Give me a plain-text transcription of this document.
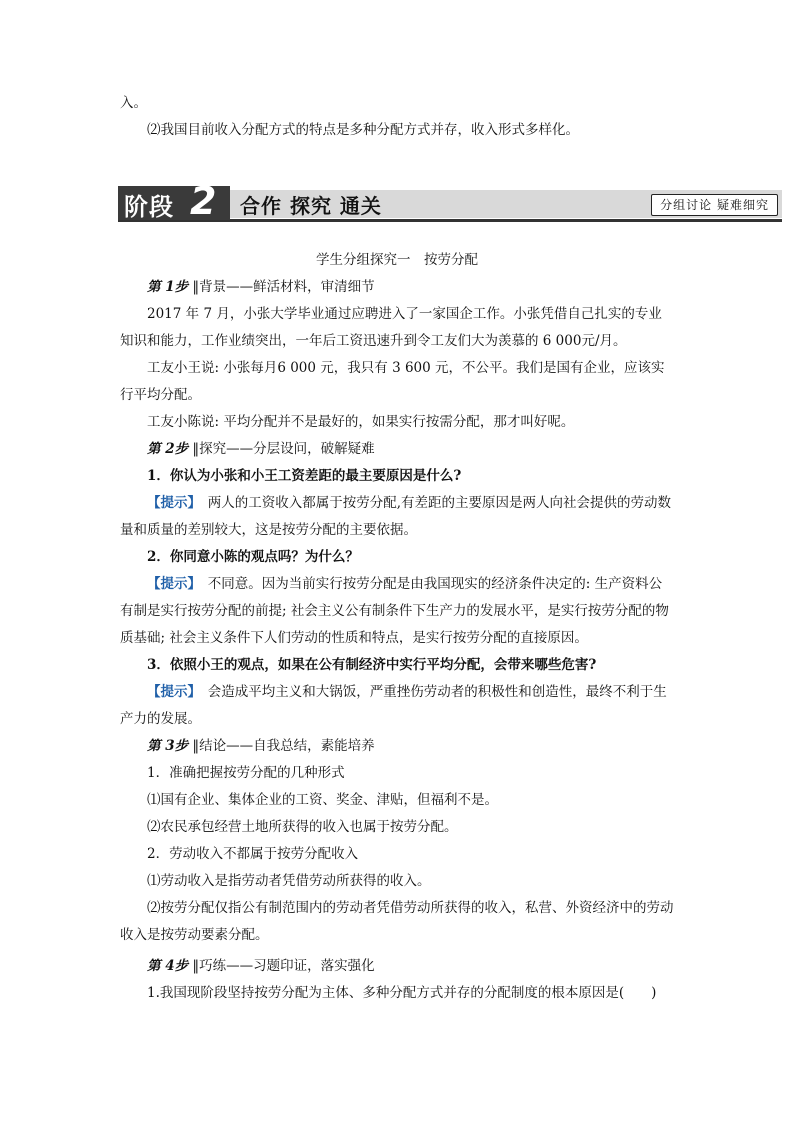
入。

⑵我国目前收入分配方式的特点是多种分配方式并存，收入形式多样化。

阶段 2 合作 探究 通关	分组讨论 疑难细究
学生分组探究一　按劳分配

第 1步 ‖背景——鲜活材料，审清细节

2017 年 7 月，小张大学毕业通过应聘进入了一家国企工作。小张凭借自己扎实的专业知识和能力，工作业绩突出，一年后工资迅速升到令工友们大为羡慕的 6 000元/月。

工友小王说: 小张每月6 000 元，我只有 3 600 元，不公平。我们是国有企业，应该实行平均分配。

工友小陈说: 平均分配并不是最好的，如果实行按需分配，那才叫好呢。

第 2步 ‖探究——分层设问，破解疑难

1．你认为小张和小王工资差距的最主要原因是什么?

【提示】　两人的工资收入都属于按劳分配,有差距的主要原因是两人向社会提供的劳动数量和质量的差别较大，这是按劳分配的主要依据。

2．你同意小陈的观点吗？为什么？

【提示】　不同意。因为当前实行按劳分配是由我国现实的经济条件决定的: 生产资料公有制是实行按劳分配的前提; 社会主义公有制条件下生产力的发展水平，是实行按劳分配的物质基础; 社会主义条件下人们劳动的性质和特点，是实行按劳分配的直接原因。

3．依照小王的观点，如果在公有制经济中实行平均分配，会带来哪些危害?

【提示】　会造成平均主义和大锅饭，严重挫伤劳动者的积极性和创造性，最终不利于生产力的发展。

第 3步 ‖结论——自我总结，素能培养

1．准确把握按劳分配的几种形式

⑴国有企业、集体企业的工资、奖金、津贴，但福利不是。

⑵农民承包经营土地所获得的收入也属于按劳分配。

2．劳动收入不都属于按劳分配收入

⑴劳动收入是指劳动者凭借劳动所获得的收入。

⑵按劳分配仅指公有制范围内的劳动者凭借劳动所获得的收入，私营、外资经济中的劳动收入是按劳动要素分配。

第 4步 ‖巧练——习题印证，落实强化

1.我国现阶段坚持按劳分配为主体、多种分配方式并存的分配制度的根本原因是(　　)
